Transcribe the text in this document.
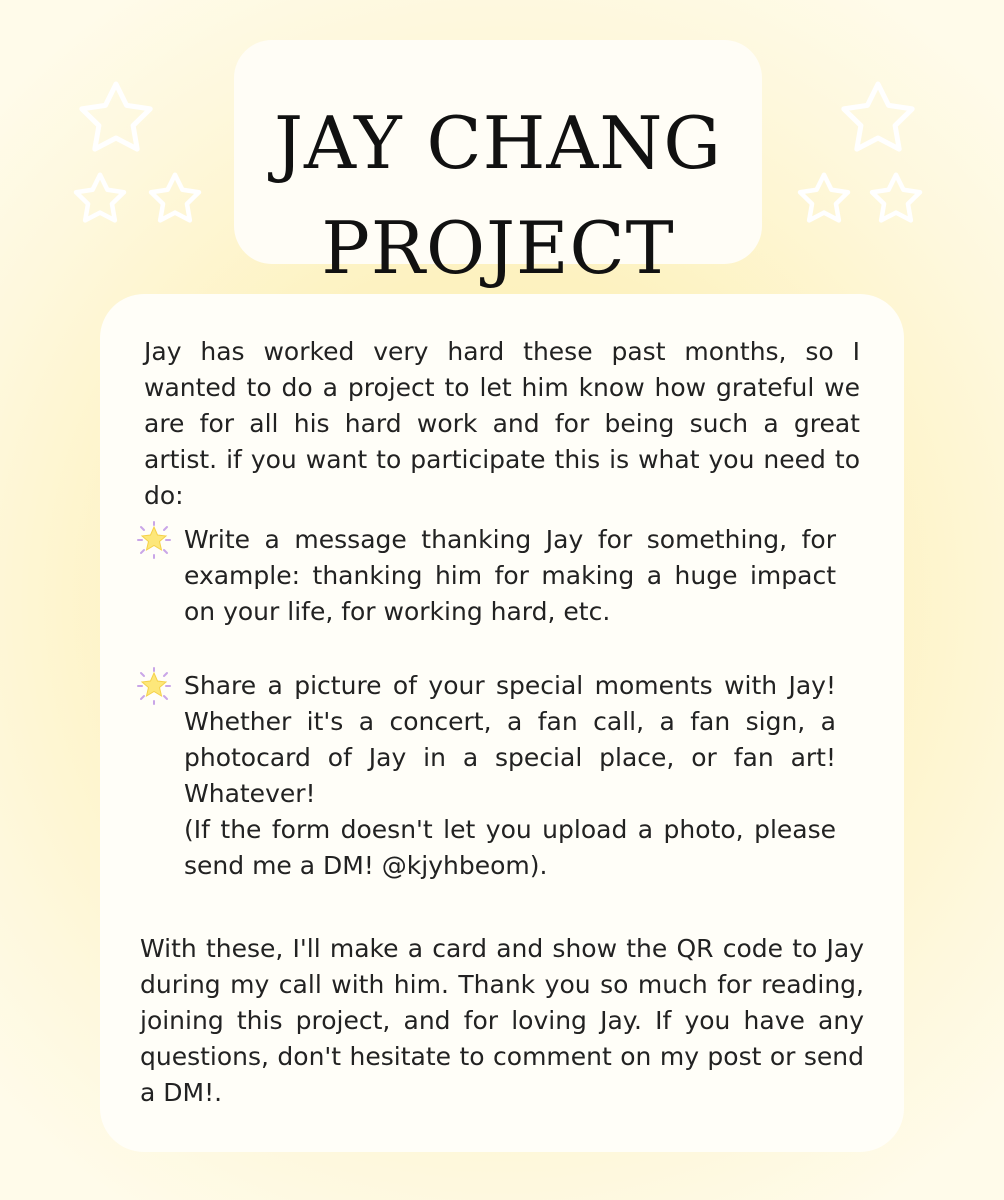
JAY CHANG
PROJECT

Jay has worked very hard these past months, so I wanted to do a project to let him know how grateful we are for all his hard work and for being such a great artist. if you want to participate this is what you need to do:

Write a message thanking Jay for something, for example: thanking him for making a huge impact on your life, for working hard, etc.

Share a picture of your special moments with Jay! Whether it's a concert, a fan call, a fan sign, a photocard of Jay in a special place, or fan art! Whatever!

(If the form doesn't let you upload a photo, please send me a DM! @kjyhbeom).

With these, I'll make a card and show the QR code to Jay during my call with him. Thank you so much for reading, joining this project, and for loving Jay. If you have any questions, don't hesitate to comment on my post or send a DM!.
